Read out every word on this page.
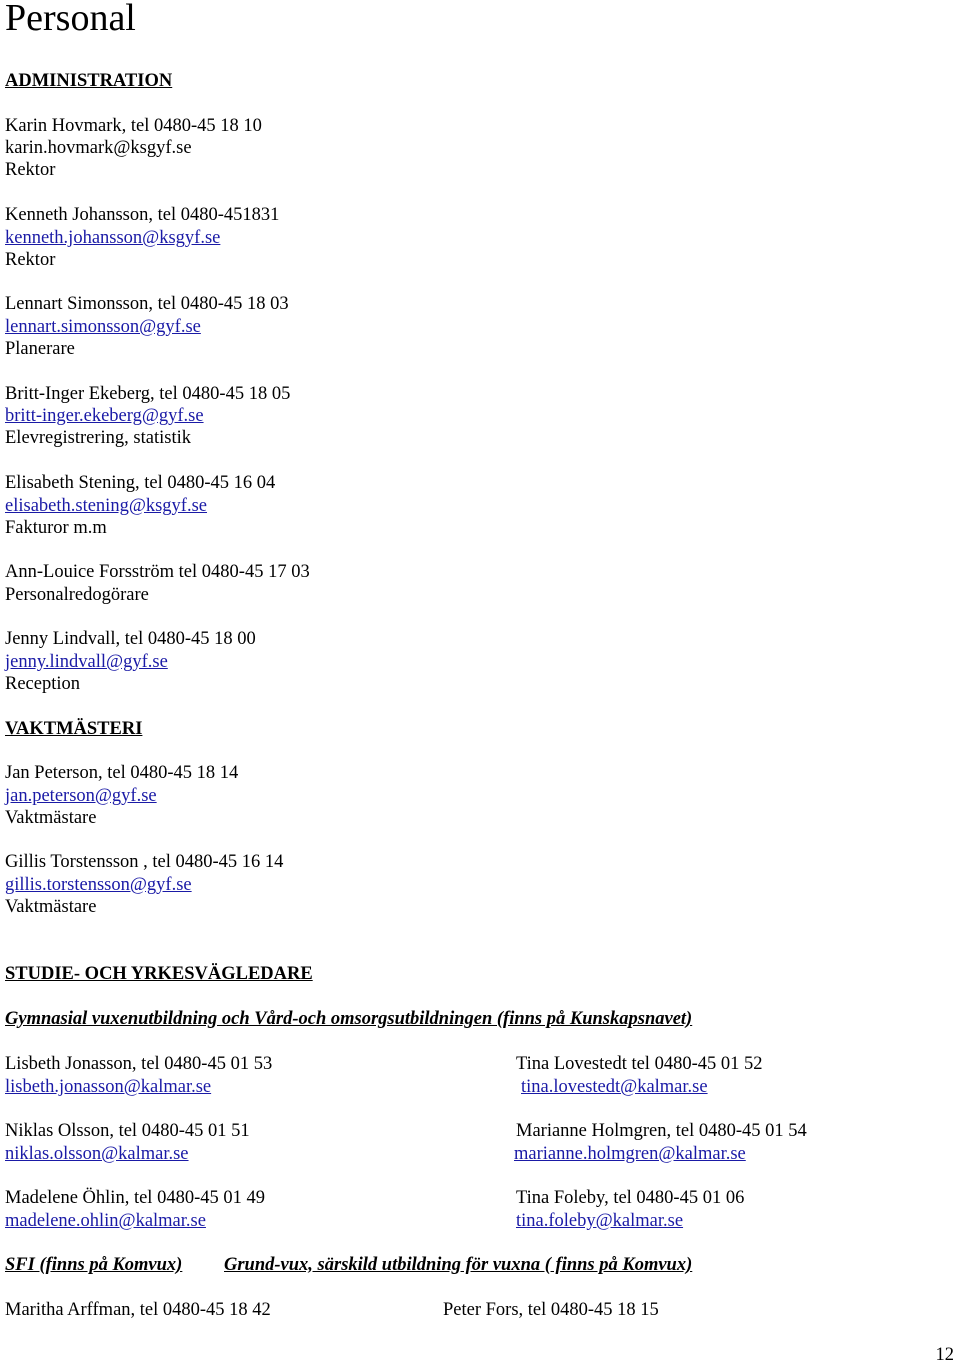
Personal
ADMINISTRATION
Karin Hovmark, tel 0480-45 18 10
karin.hovmark@ksgyf.se
Rektor
Kenneth Johansson, tel 0480-451831
kenneth.johansson@ksgyf.se
Rektor
Lennart Simonsson, tel 0480-45 18 03
lennart.simonsson@gyf.se
Planerare
Britt-Inger Ekeberg, tel 0480-45 18 05
britt-inger.ekeberg@gyf.se
Elevregistrering, statistik
Elisabeth Stening, tel 0480-45 16 04
elisabeth.stening@ksgyf.se
Fakturor m.m
Ann-Louice Forsström tel 0480-45 17 03
Personalredogörare
Jenny Lindvall, tel 0480-45 18 00
jenny.lindvall@gyf.se
Reception
VAKTMÄSTERI
Jan Peterson, tel 0480-45 18 14
jan.peterson@gyf.se
Vaktmästare
Gillis Torstensson , tel 0480-45 16 14
gillis.torstensson@gyf.se
Vaktmästare
STUDIE- OCH YRKESVÄGLEDARE
Gymnasial vuxenutbildning och Vård-och omsorgsutbildningen (finns på Kunskapsnavet)
Lisbeth Jonasson, tel 0480-45 01 53	Tina Lovestedt tel 0480-45 01 52
lisbeth.jonasson@kalmar.se	tina.lovestedt@kalmar.se
Niklas Olsson, tel 0480-45 01 51	Marianne Holmgren, tel 0480-45 01 54
niklas.olsson@kalmar.se	marianne.holmgren@kalmar.se
Madelene Öhlin, tel 0480-45 01 49	Tina Foleby, tel 0480-45 01 06
madelene.ohlin@kalmar.se	tina.foleby@kalmar.se
SFI (finns på Komvux) Grund-vux, särskild utbildning för vuxna ( finns på Komvux)
Maritha Arffman, tel 0480-45 18 42	Peter Fors, tel 0480-45 18 15
12
